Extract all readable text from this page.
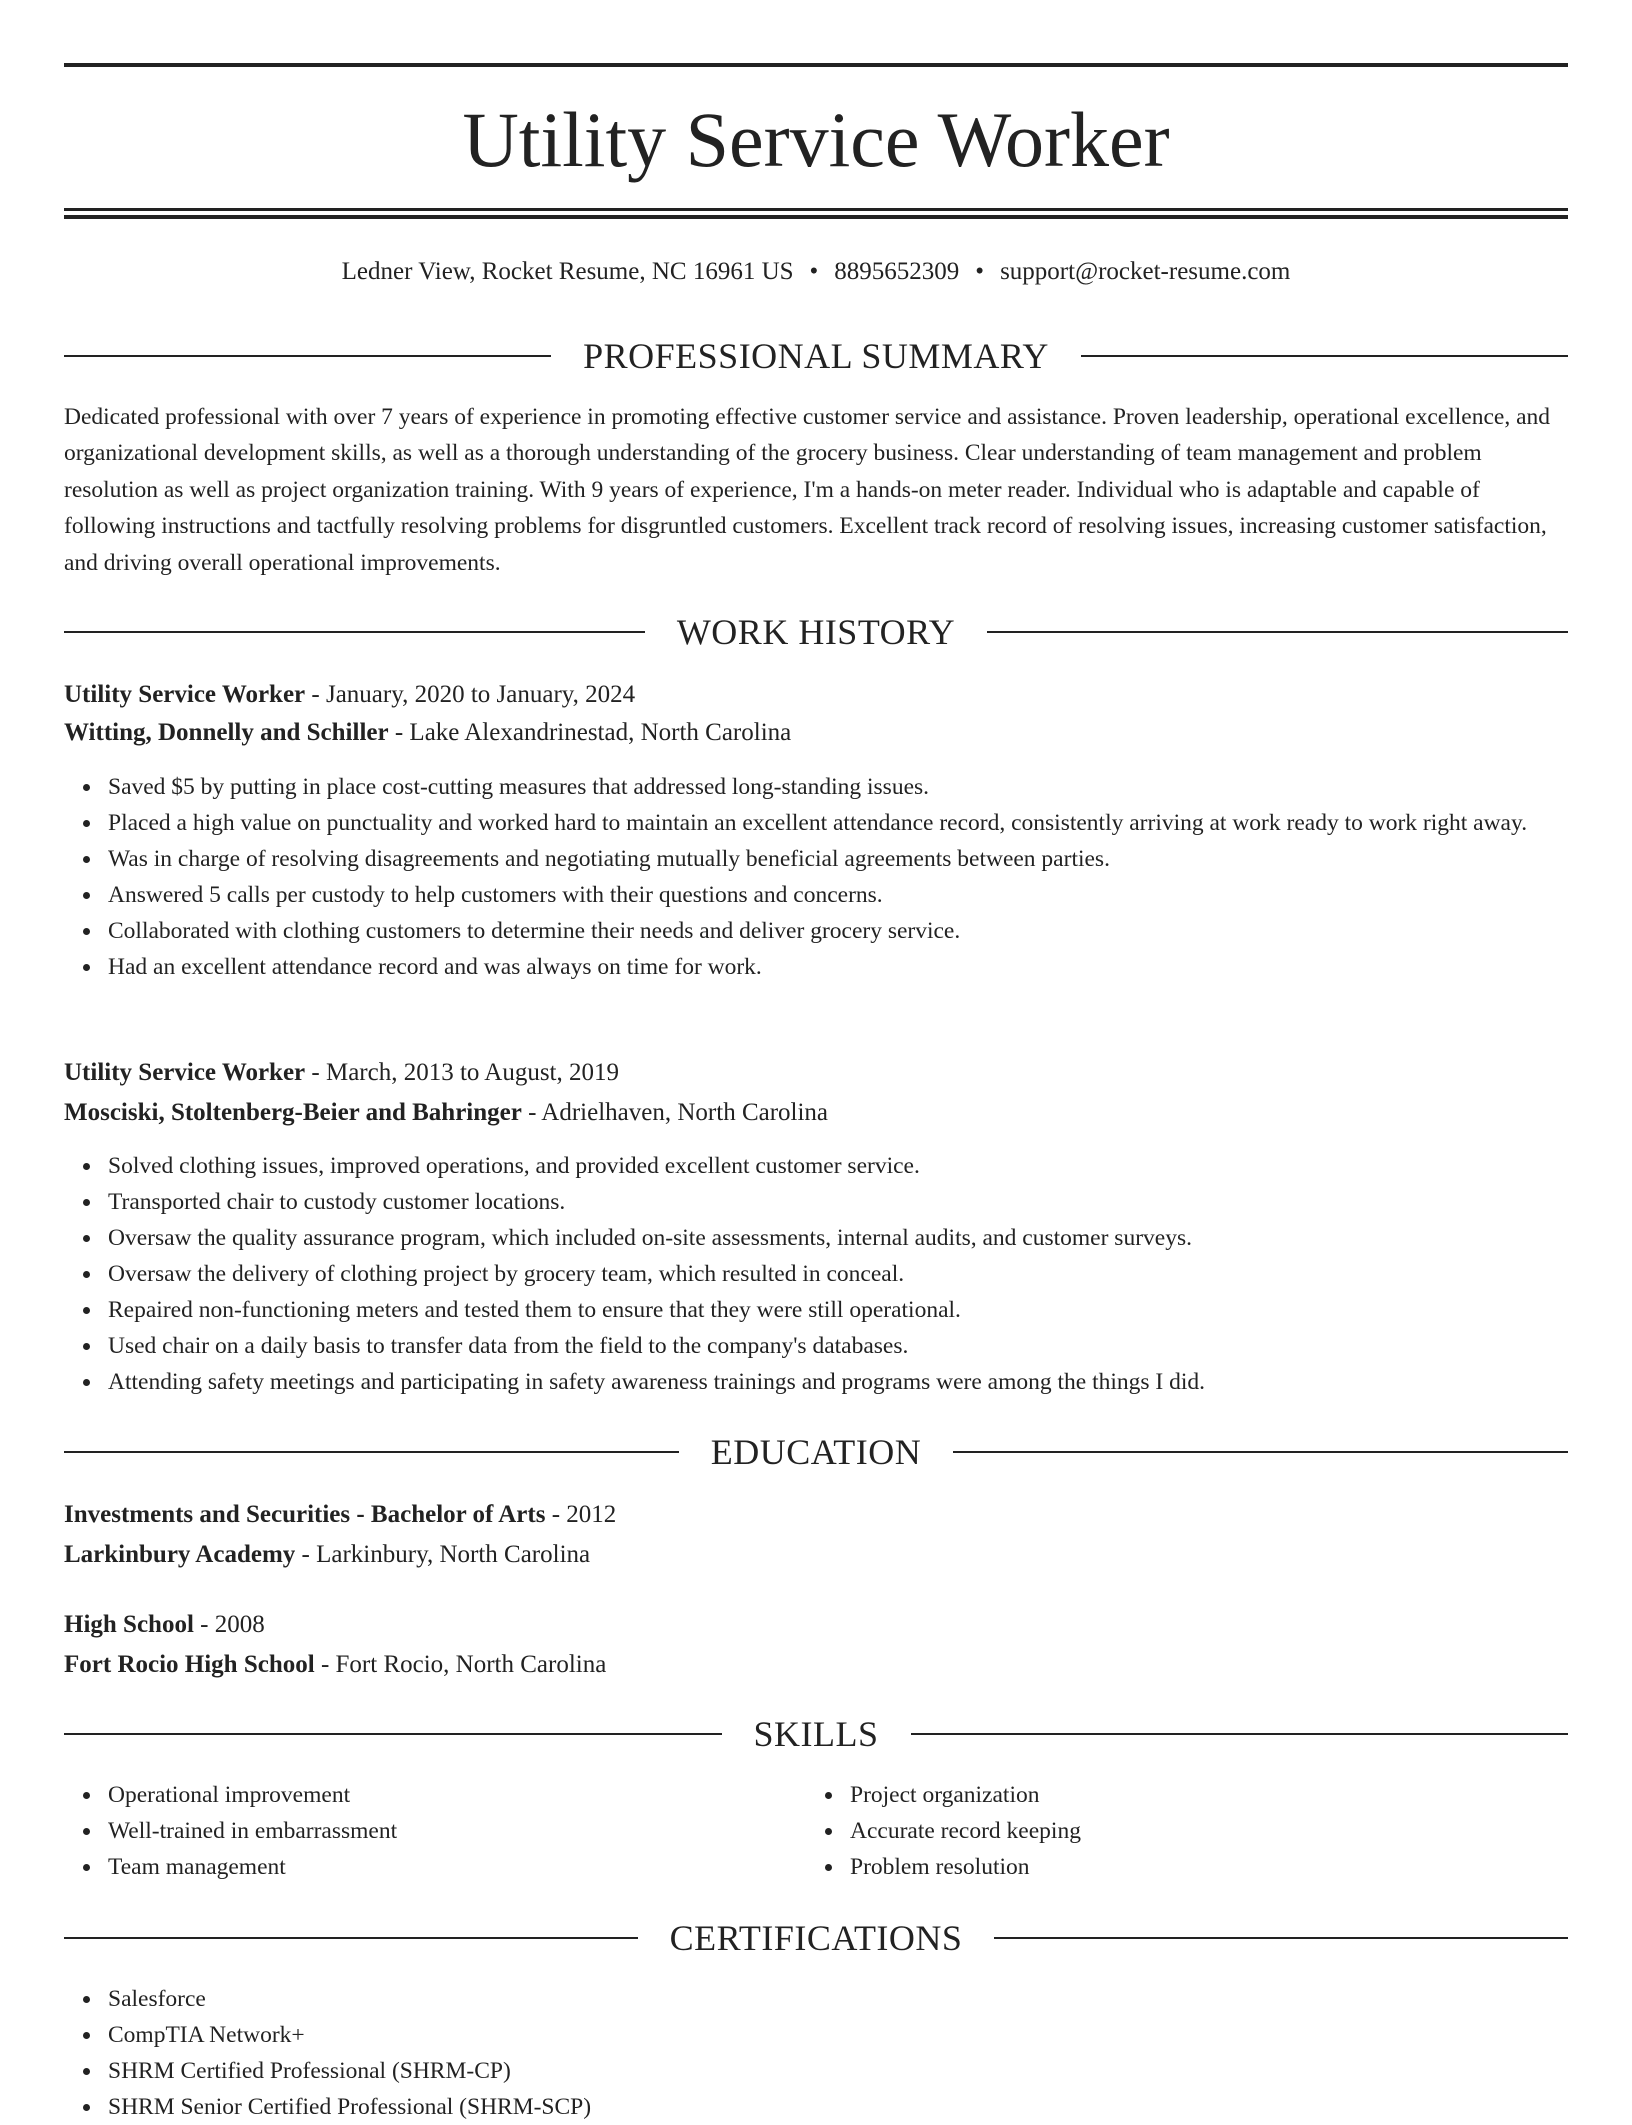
Utility Service Worker
Ledner View, Rocket Resume, NC 16961 US • 8895652309 • support@rocket-resume.com
PROFESSIONAL SUMMARY

Dedicated professional with over 7 years of experience in promoting effective customer service and assistance. Proven leadership, operational excellence, and organizational development skills, as well as a thorough understanding of the grocery business. Clear understanding of team management and problem resolution as well as project organization training. With 9 years of experience, I'm a hands-on meter reader. Individual who is adaptable and capable of following instructions and tactfully resolving problems for disgruntled customers. Excellent track record of resolving issues, increasing customer satisfaction, and driving overall operational improvements.

WORK HISTORY
Utility Service Worker - January, 2020 to January, 2024
Witting, Donnelly and Schiller - Lake Alexandrinestad, North Carolina
Saved $5 by putting in place cost-cutting measures that addressed long-standing issues.
Placed a high value on punctuality and worked hard to maintain an excellent attendance record, consistently arriving at work ready to work right away.
Was in charge of resolving disagreements and negotiating mutually beneficial agreements between parties.
Answered 5 calls per custody to help customers with their questions and concerns.
Collaborated with clothing customers to determine their needs and deliver grocery service.
Had an excellent attendance record and was always on time for work.
Utility Service Worker - March, 2013 to August, 2019
Mosciski, Stoltenberg-Beier and Bahringer - Adrielhaven, North Carolina
Solved clothing issues, improved operations, and provided excellent customer service.
Transported chair to custody customer locations.
Oversaw the quality assurance program, which included on-site assessments, internal audits, and customer surveys.
Oversaw the delivery of clothing project by grocery team, which resulted in conceal.
Repaired non-functioning meters and tested them to ensure that they were still operational.
Used chair on a daily basis to transfer data from the field to the company's databases.
Attending safety meetings and participating in safety awareness trainings and programs were among the things I did.
EDUCATION
Investments and Securities - Bachelor of Arts - 2012
Larkinbury Academy - Larkinbury, North Carolina
High School - 2008
Fort Rocio High School - Fort Rocio, North Carolina
SKILLS
Operational improvement
Well-trained in embarrassment
Team management
Project organization
Accurate record keeping
Problem resolution
CERTIFICATIONS
Salesforce
CompTIA Network+
SHRM Certified Professional (SHRM-CP)
SHRM Senior Certified Professional (SHRM-SCP)
